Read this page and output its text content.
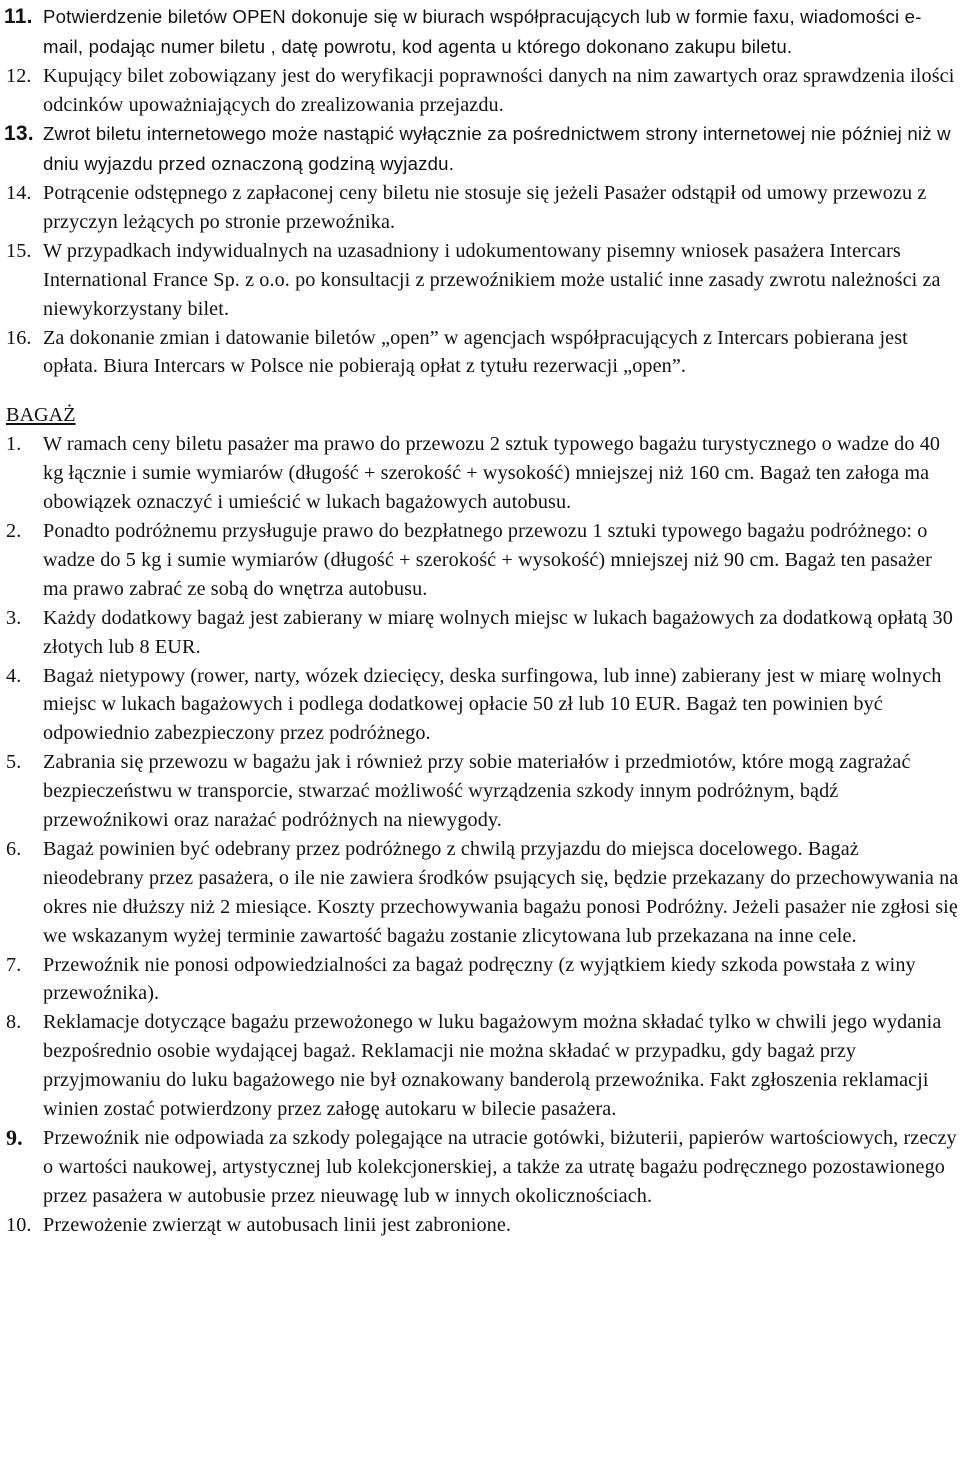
11. Potwierdzenie biletów OPEN dokonuje się w biurach współpracujących lub w formie faxu, wiadomości e-mail, podając numer biletu , datę powrotu, kod agenta u którego dokonano zakupu biletu.
12. Kupujący bilet zobowiązany jest do weryfikacji poprawności danych na nim zawartych oraz sprawdzenia ilości odcinków upoważniających do zrealizowania przejazdu.
13. Zwrot biletu internetowego może nastąpić wyłącznie za pośrednictwem strony internetowej nie później niż w dniu wyjazdu przed oznaczoną godziną wyjazdu.
14. Potrącenie odstępnego z zapłaconej ceny biletu nie stosuje się jeżeli Pasażer odstąpił od umowy przewozu z przyczyn leżących po stronie przewoźnika.
15. W przypadkach indywidualnych na uzasadniony i udokumentowany pisemny wniosek pasażera Intercars International France Sp. z o.o. po konsultacji z przewoźnikiem może ustalić inne zasady zwrotu należności za niewykorzystany bilet.
16. Za dokonanie zmian i datowanie biletów „open” w agencjach współpracujących z Intercars pobierana jest opłata. Biura Intercars w Polsce nie pobierają opłat z tytułu rezerwacji „open”.
BAGAŻ
1. W ramach ceny biletu pasażer ma prawo do przewozu 2 sztuk typowego bagażu turystycznego o wadze do 40 kg łącznie i sumie wymiarów (długość + szerokość + wysokość) mniejszej niż 160 cm. Bagaż ten załoga ma obowiązek oznaczyć i umieścić w lukach bagażowych autobusu.
2. Ponadto podróżnemu przysługuje prawo do bezpłatnego przewozu 1 sztuki typowego bagażu podróżnego: o wadze do 5 kg i sumie wymiarów (długość + szerokość + wysokość) mniejszej niż 90 cm. Bagaż ten pasażer ma prawo zabrać ze sobą do wnętrza autobusu.
3. Każdy dodatkowy bagaż jest zabierany w miarę wolnych miejsc w lukach bagażowych za dodatkową opłatą 30 złotych lub 8 EUR.
4. Bagaż nietypowy (rower, narty, wózek dziecięcy, deska surfingowa, lub inne) zabierany jest w miarę wolnych miejsc w lukach bagażowych i podlega dodatkowej opłacie 50 zł lub 10 EUR. Bagaż ten powinien być odpowiednio zabezpieczony przez podróżnego.
5. Zabrania się przewozu w bagażu jak i również przy sobie materiałów i przedmiotów, które mogą zagrażać bezpieczeństwu w transporcie, stwarzać możliwość wyrządzenia szkody innym podróżnym, bądź przewoźnikowi oraz narażać podróżnych na niewygody.
6. Bagaż powinien być odebrany przez podróżnego z chwilą przyjazdu do miejsca docelowego. Bagaż nieodebrany przez pasażera, o ile nie zawiera środków psujących się, będzie przekazany do przechowywania na okres nie dłuższy niż 2 miesiące. Koszty przechowywania bagażu ponosi Podróżny. Jeżeli pasażer nie zgłosi się we wskazanym wyżej terminie zawartość bagażu zostanie zlicytowana lub przekazana na inne cele.
7. Przewoźnik nie ponosi odpowiedzialności za bagaż podręczny (z wyjątkiem kiedy szkoda powstała z winy przewoźnika).
8. Reklamacje dotyczące bagażu przewożonego w luku bagażowym można składać tylko w chwili jego wydania bezpośrednio osobie wydającej bagaż. Reklamacji nie można składać w przypadku, gdy bagaż przy przyjmowaniu do luku bagażowego nie był oznakowany banderolą przewoźnika. Fakt zgłoszenia reklamacji winien zostać potwierdzony przez załogę autokaru w bilecie pasażera.
9. Przewoźnik nie odpowiada za szkody polegające na utracie gotówki, biżuterii, papierów wartościowych, rzeczy o wartości naukowej, artystycznej lub kolekcjonerskiej, a także za utratę bagażu podręcznego pozostawionego przez pasażera w autobusie przez nieuwagę lub w innych okolicznościach.
10. Przewożenie zwierząt w autobusach linii jest zabronione.
